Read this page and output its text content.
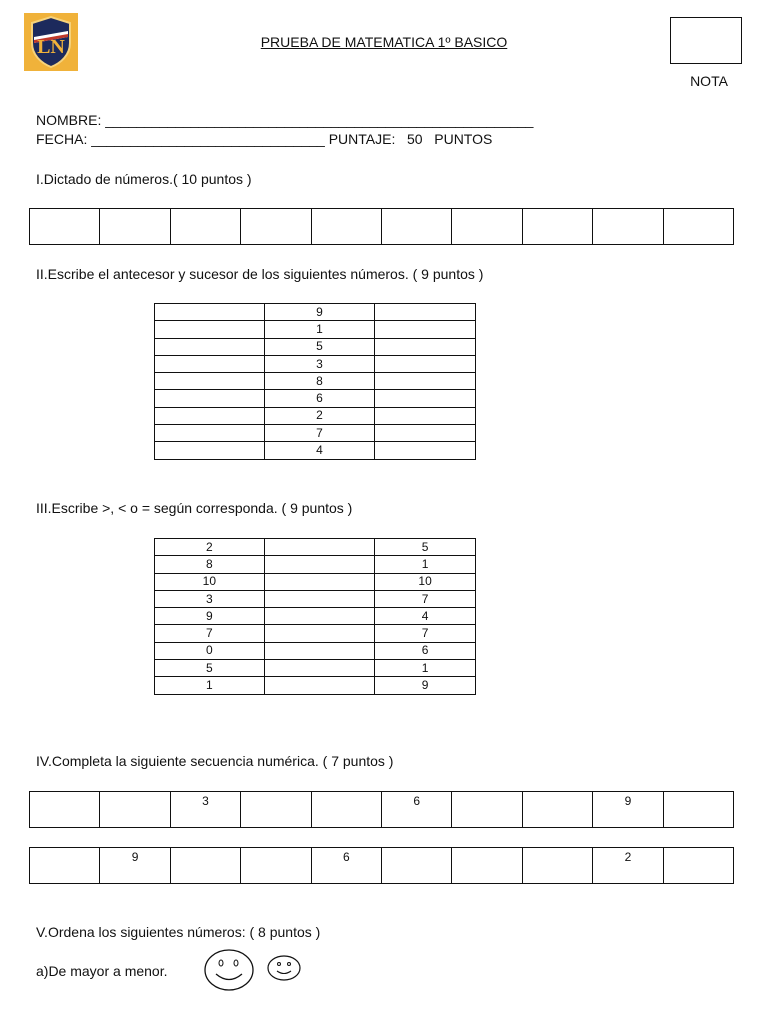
LN	PRUEBA DE MATEMATICA 1º BASICO
NOTA
NOMBRE: _______________________________________________________
FECHA: ______________________________ PUNTAJE:   50   PUNTOS
I.Dictado de números.( 10 puntos )
II.Escribe el antecesor y sucesor de los siguientes números. ( 9 puntos )
	9	
	1	
	5	
	3	
	8	
	6	
	2	
	7	
	4	
III.Escribe >, < o = según corresponda. ( 9 puntos )
2		5
8		1
10		10
3		7
9		4
7		7
0		6
5		1
1		9
IV.Completa la siguiente secuencia numérica. ( 7 puntos )
3	6	9
9	6	2
V.Ordena los siguientes números: ( 8 puntos )
a)De mayor a menor.
